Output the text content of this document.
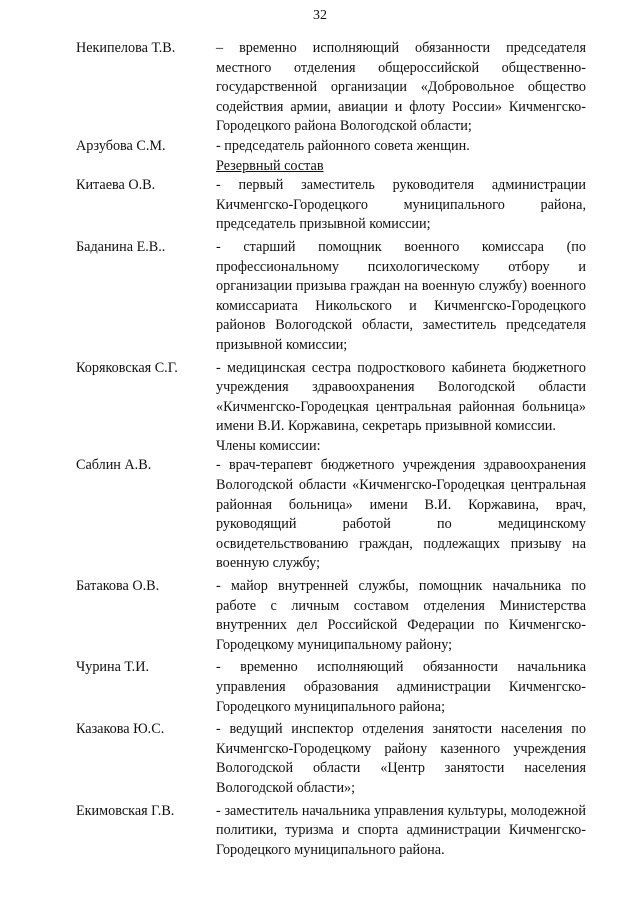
32
Некипелова Т.В.	– временно исполняющий обязанности председателя местного отделения общероссийской общественно-государственной организации «Добровольное общество содействия армии, авиации и флоту России» Кичменгско-Городецкого района Вологодской области;
Арзубова С.М.	- председатель районного совета женщин.
Резервный состав
Китаева О.В.	- первый заместитель руководителя администрации Кичменгско-Городецкого муниципального района, председатель призывной комиссии;
Баданина Е.В..	- старший помощник военного комиссара (по профессиональному психологическому отбору и организации призыва граждан на военную службу) военного комиссариата Никольского и Кичменгско-Городецкого районов Вологодской области, заместитель председателя призывной комиссии;
Коряковская С.Г.	- медицинская сестра подросткового кабинета бюджетного учреждения здравоохранения Вологодской области «Кичменгско-Городецкая центральная районная больница» имени В.И. Коржавина, секретарь призывной комиссии.
Члены комиссии:
Саблин А.В.	- врач-терапевт бюджетного учреждения здравоохранения Вологодской области «Кичменгско-Городецкая центральная районная больница» имени В.И. Коржавина, врач, руководящий работой по медицинскому освидетельствованию граждан, подлежащих призыву на военную службу;
Батакова О.В.	- майор внутренней службы, помощник начальника по работе с личным составом отделения Министерства внутренних дел Российской Федерации по Кичменгско-Городецкому муниципальному району;
Чурина Т.И.	- временно исполняющий обязанности начальника управления образования администрации Кичменгско-Городецкого муниципального района;
Казакова Ю.С.	- ведущий инспектор отделения занятости населения по Кичменгско-Городецкому району казенного учреждения Вологодской области «Центр занятости населения Вологодской области»;
Екимовская Г.В.	- заместитель начальника управления культуры, молодежной политики, туризма и спорта администрации Кичменгско-Городецкого муниципального района.
